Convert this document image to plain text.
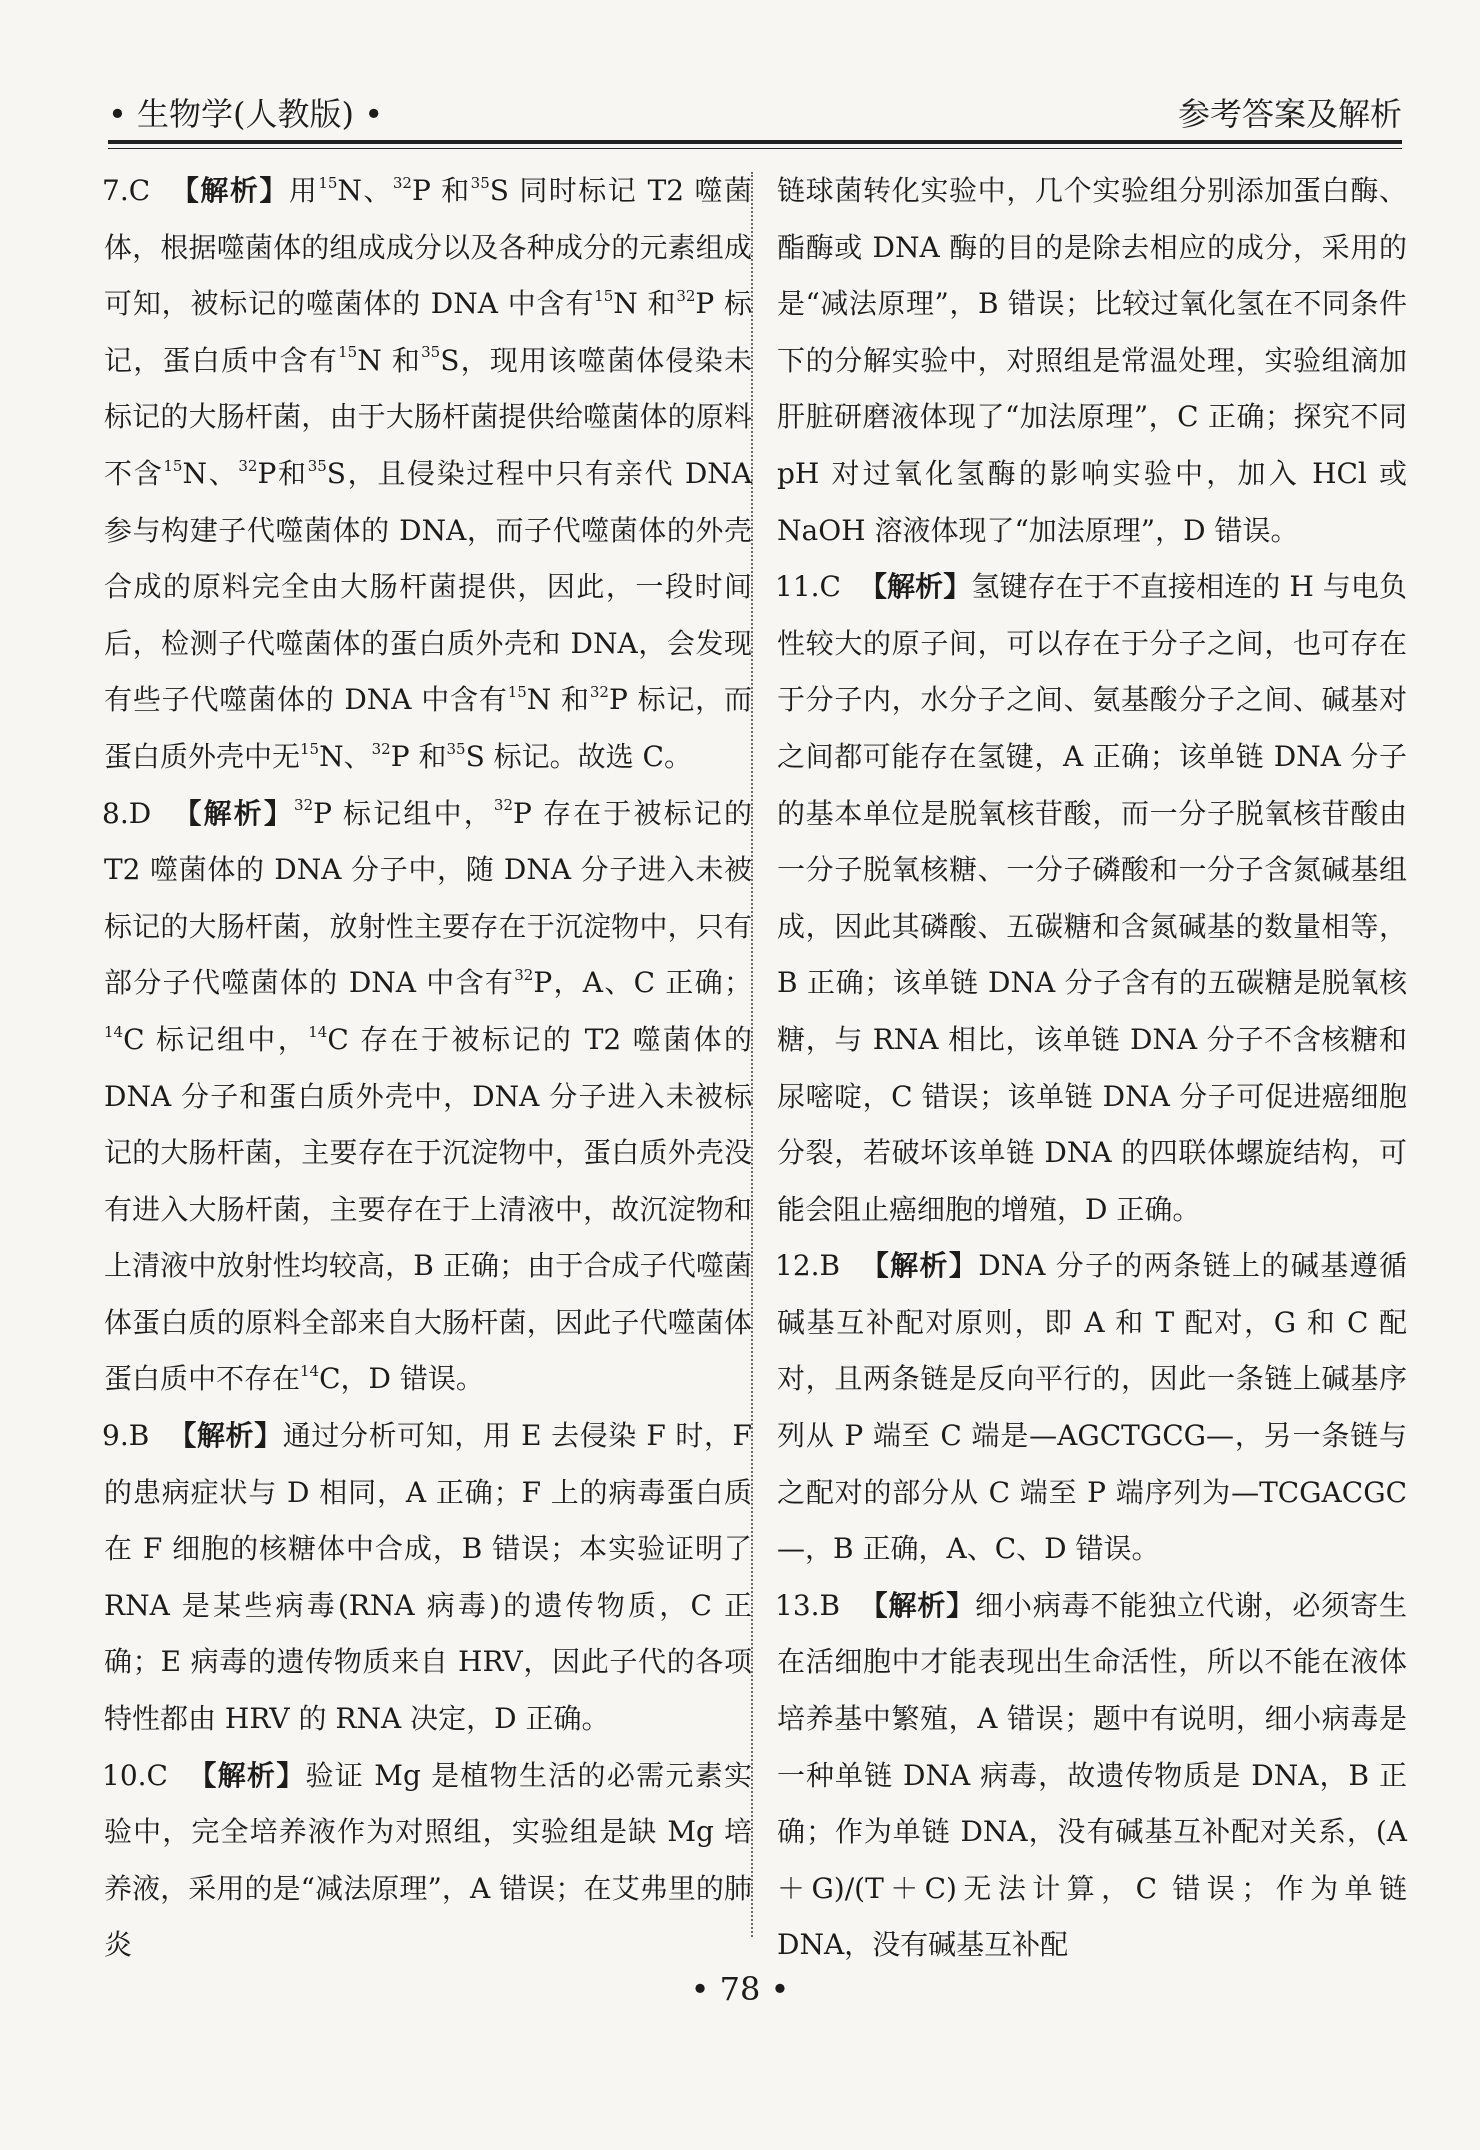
• 生物学(人教版) •	参考答案及解析

7.C 【解析】用$^{15}$N、$^{32}$P 和$^{35}$S 同时标记 T2 噬菌体，根据噬菌体的组成成分以及各种成分的元素组成可知，被标记的噬菌体的 DNA 中含有$^{15}$N 和$^{32}$P 标记，蛋白质中含有$^{15}$N 和$^{35}$S，现用该噬菌体侵染未标记的大肠杆菌，由于大肠杆菌提供给噬菌体的原料不含$^{15}$N、$^{32}$P和$^{35}$S，且侵染过程中只有亲代 DNA 参与构建子代噬菌体的 DNA，而子代噬菌体的外壳合成的原料完全由大肠杆菌提供，因此，一段时间后，检测子代噬菌体的蛋白质外壳和 DNA，会发现有些子代噬菌体的 DNA 中含有$^{15}$N 和$^{32}$P 标记，而蛋白质外壳中无$^{15}$N、$^{32}$P 和$^{35}$S 标记。故选 C。

8.D 【解析】$^{32}$P 标记组中，$^{32}$P 存在于被标记的 T2 噬菌体的 DNA 分子中，随 DNA 分子进入未被标记的大肠杆菌，放射性主要存在于沉淀物中，只有部分子代噬菌体的 DNA 中含有$^{32}$P，A、C 正确；$^{14}$C 标记组中，$^{14}$C 存在于被标记的 T2 噬菌体的 DNA 分子和蛋白质外壳中，DNA 分子进入未被标记的大肠杆菌，主要存在于沉淀物中，蛋白质外壳没有进入大肠杆菌，主要存在于上清液中，故沉淀物和上清液中放射性均较高，B 正确；由于合成子代噬菌体蛋白质的原料全部来自大肠杆菌，因此子代噬菌体蛋白质中不存在$^{14}$C，D 错误。

9.B 【解析】通过分析可知，用 E 去侵染 F 时，F 的患病症状与 D 相同，A 正确；F 上的病毒蛋白质在 F 细胞的核糖体中合成，B 错误；本实验证明了 RNA 是某些病毒(RNA 病毒)的遗传物质，C 正确；E 病毒的遗传物质来自 HRV，因此子代的各项特性都由 HRV 的 RNA 决定，D 正确。

10.C 【解析】验证 Mg 是植物生活的必需元素实验中，完全培养液作为对照组，实验组是缺 Mg 培养液，采用的是“减法原理”，A 错误；在艾弗里的肺炎

链球菌转化实验中，几个实验组分别添加蛋白酶、酯酶或 DNA 酶的目的是除去相应的成分，采用的是“减法原理”，B 错误；比较过氧化氢在不同条件下的分解实验中，对照组是常温处理，实验组滴加肝脏研磨液体现了“加法原理”，C 正确；探究不同 pH 对过氧化氢酶的影响实验中，加入 HCl 或 NaOH 溶液体现了“加法原理”，D 错误。

11.C 【解析】氢键存在于不直接相连的 H 与电负性较大的原子间，可以存在于分子之间，也可存在于分子内，水分子之间、氨基酸分子之间、碱基对之间都可能存在氢键，A 正确；该单链 DNA 分子的基本单位是脱氧核苷酸，而一分子脱氧核苷酸由一分子脱氧核糖、一分子磷酸和一分子含氮碱基组成，因此其磷酸、五碳糖和含氮碱基的数量相等，B 正确；该单链 DNA 分子含有的五碳糖是脱氧核糖，与 RNA 相比，该单链 DNA 分子不含核糖和尿嘧啶，C 错误；该单链 DNA 分子可促进癌细胞分裂，若破坏该单链 DNA 的四联体螺旋结构，可能会阻止癌细胞的增殖，D 正确。

12.B 【解析】DNA 分子的两条链上的碱基遵循碱基互补配对原则，即 A 和 T 配对，G 和 C 配对，且两条链是反向平行的，因此一条链上碱基序列从 P 端至 C 端是—AGCTGCG—，另一条链与之配对的部分从 C 端至 P 端序列为—TCGACGC—，B 正确，A、C、D 错误。

13.B 【解析】细小病毒不能独立代谢，必须寄生在活细胞中才能表现出生命活性，所以不能在液体培养基中繁殖，A 错误；题中有说明，细小病毒是一种单链 DNA 病毒，故遗传物质是 DNA，B 正确；作为单链 DNA，没有碱基互补配对关系，(A＋G)/(T＋C)无法计算，C 错误；作为单链 DNA，没有碱基互补配

• 78 •
